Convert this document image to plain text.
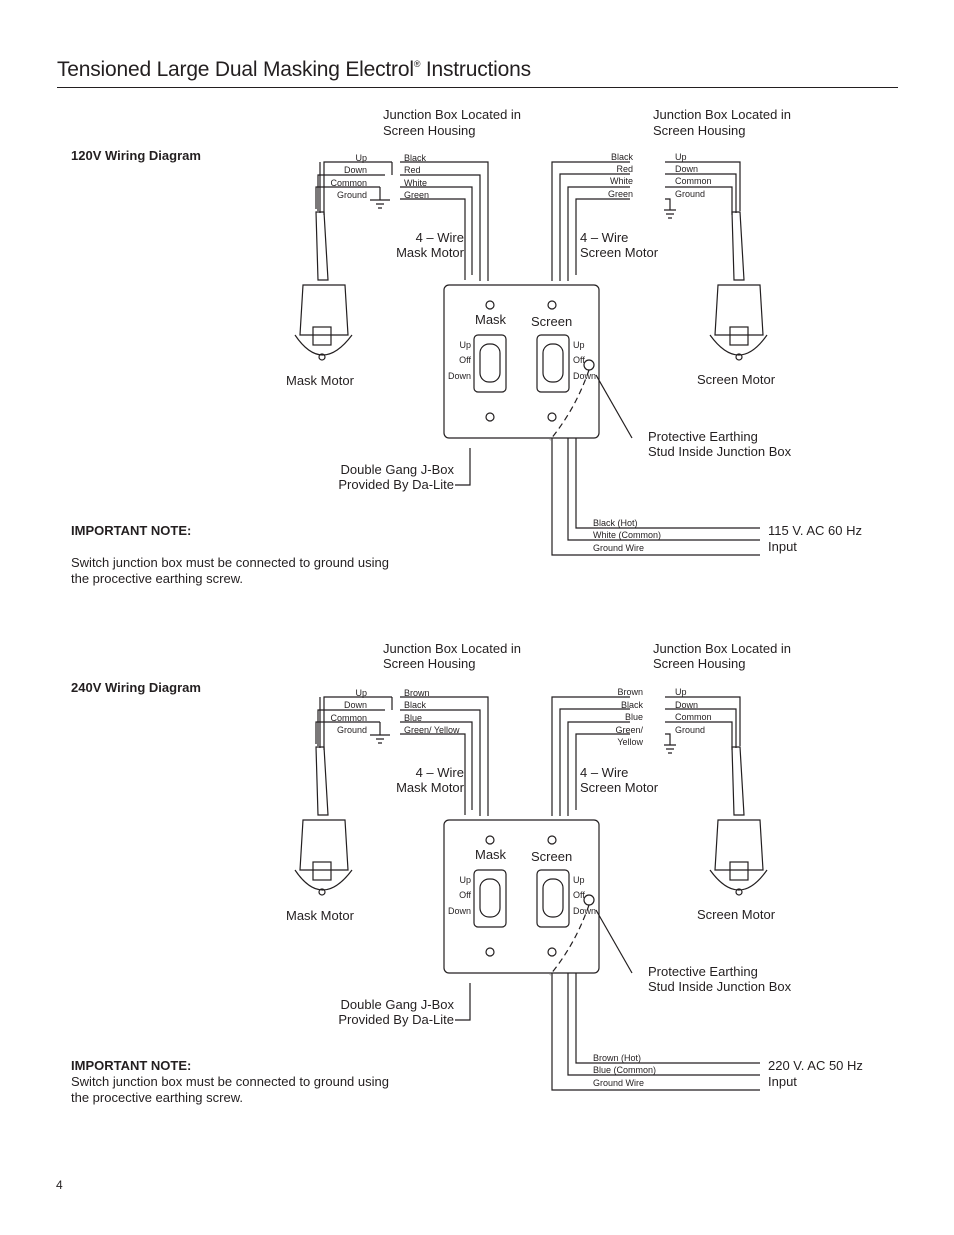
Tensioned Large Dual Masking Electrol® Instructions
120V Wiring Diagram
Junction Box Located in
Screen Housing
Junction Box Located in
Screen Housing
Up
Down
Common
Ground
Black
Red
White
Green
Black
Red
White
Green
Up
Down
Common
Ground
4 – Wire
Mask Motor
4 – Wire
Screen Motor
Mask Screen
Up
Off
Down
Up
Off
Down
Mask Motor	Screen Motor
Protective Earthing
Stud Inside Junction Box
Double Gang J-Box
Provided By Da-Lite
Black (Hot)
White (Common)
Ground Wire
115 V. AC 60 Hz
Input
IMPORTANT NOTE:
Switch junction box must be connected to ground using the procective earthing screw.
240V Wiring Diagram
Junction Box Located in
Screen Housing
Junction Box Located in
Screen Housing
Up
Down
Common
Ground
Brown
Black
Blue
Green/ Yellow
Brown
Black
Blue
Green/
Yellow
Up
Down
Common
Ground
4 – Wire
Mask Motor
4 – Wire
Screen Motor
Mask Screen
Up
Off
Down
Up
Off
Down
Mask Motor	Screen Motor
Protective Earthing
Stud Inside Junction Box
Double Gang J-Box
Provided By Da-Lite
Brown (Hot)
Blue (Common)
Ground Wire
220 V. AC 50 Hz
Input
IMPORTANT NOTE:
Switch junction box must be connected to ground using the procective earthing screw.
4
